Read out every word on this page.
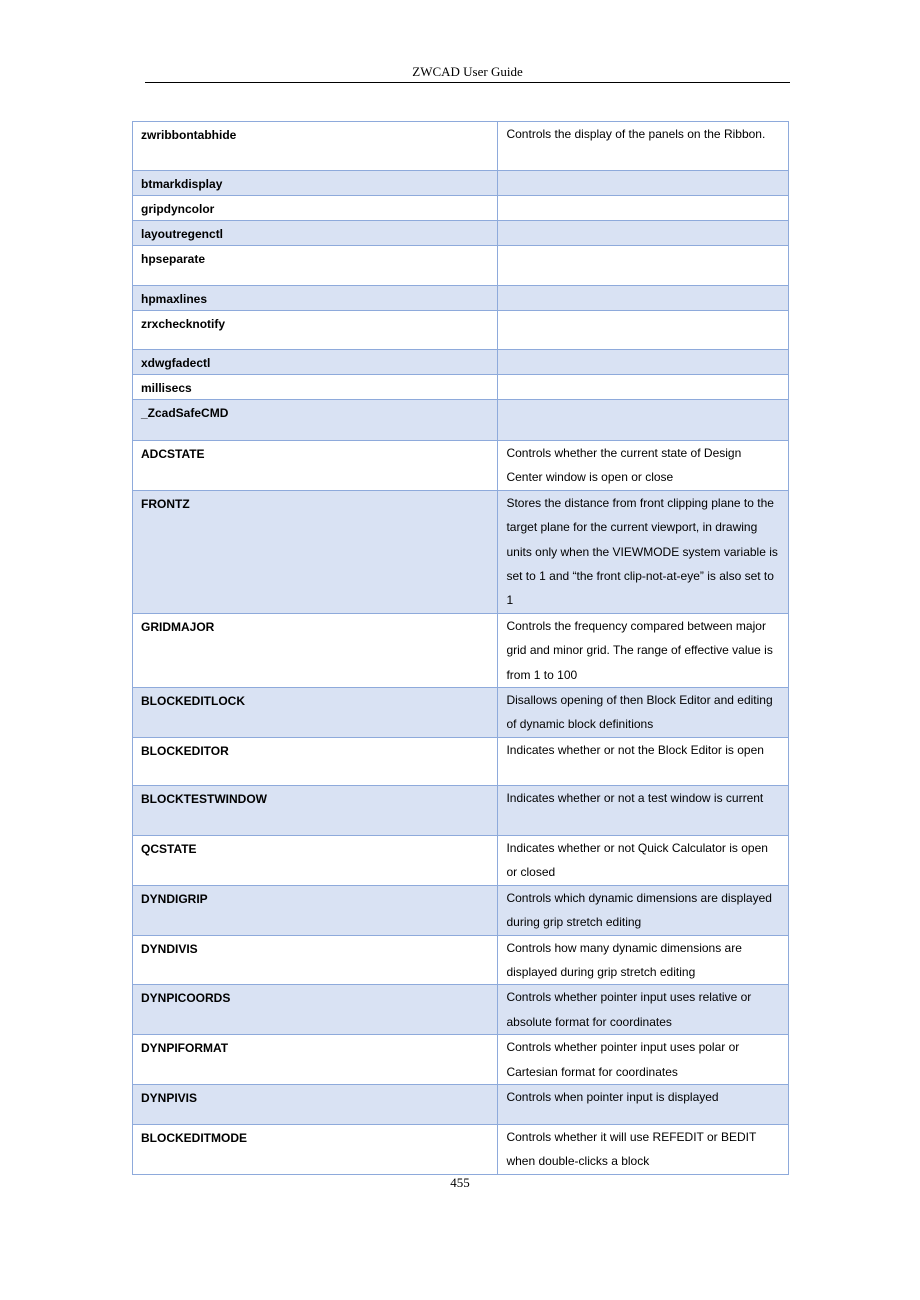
ZWCAD User Guide
zwribbontabhide	Controls the display of the panels on the Ribbon.
btmarkdisplay	
gripdyncolor	
layoutregenctl	
hpseparate	
hpmaxlines	
zrxchecknotify	
xdwgfadectl	
millisecs	
_ZcadSafeCMD	
ADCSTATE	Controls whether the current state of Design Center window is open or close
FRONTZ	Stores the distance from front clipping plane to the target plane for the current viewport, in drawing units only when the VIEWMODE system variable is set to 1 and “the front clip-not-at-eye” is also set to 1
GRIDMAJOR	Controls the frequency compared between major grid and minor grid. The range of effective value is from 1 to 100
BLOCKEDITLOCK	Disallows opening of then Block Editor and editing of dynamic block definitions
BLOCKEDITOR	Indicates whether or not the Block Editor is open
BLOCKTESTWINDOW	Indicates whether or not a test window is current
QCSTATE	Indicates whether or not Quick Calculator is open or closed
DYNDIGRIP	Controls which dynamic dimensions are displayed during grip stretch editing
DYNDIVIS	Controls how many dynamic dimensions are displayed during grip stretch editing
DYNPICOORDS	Controls whether pointer input uses relative or absolute format for coordinates
DYNPIFORMAT	Controls whether pointer input uses polar or Cartesian format for coordinates
DYNPIVIS	Controls when pointer input is displayed
BLOCKEDITMODE	Controls whether it will use REFEDIT or BEDIT when double-clicks a block
455
